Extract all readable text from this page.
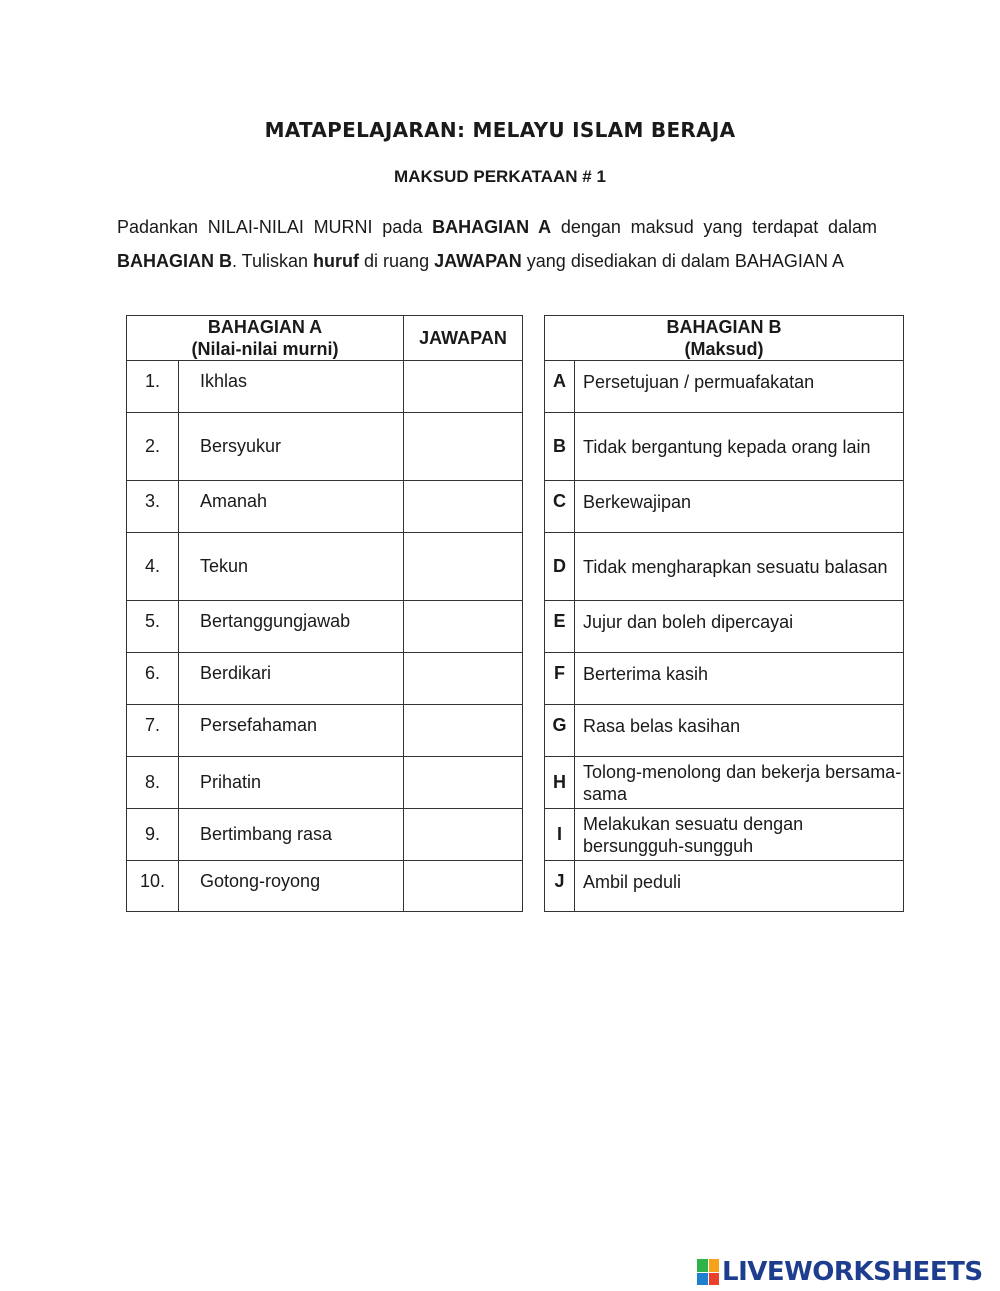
MATAPELAJARAN: MELAYU ISLAM BERAJA
MAKSUD PERKATAAN # 1
Padankan NILAI-NILAI MURNI pada BAHAGIAN A dengan maksud yang terdapat dalam BAHAGIAN B. Tuliskan huruf di ruang JAWAPAN yang disediakan di dalam BAHAGIAN A
BAHAGIAN A
(Nilai-nilai murni)		JAWAPAN
1.	Ikhlas	
2.	Bersyukur	
3.	Amanah	
4.	Tekun	
5.	Bertanggungjawab	
6.	Berdikari	
7.	Persefahaman	
8.	Prihatin	
9.	Bertimbang rasa	
10.	Gotong-royong	
BAHAGIAN B
(Maksud)	

A	Persetujuan / permuafakatan
B	Tidak bergantung kepada orang lain
C	Berkewajipan
D	Tidak mengharapkan sesuatu balasan
E	Jujur dan boleh dipercayai
F	Berterima kasih
G	Rasa belas kasihan
H	Tolong-menolong dan bekerja bersama-sama
I	Melakukan sesuatu dengan bersungguh-sungguh
J	Ambil peduli
LIVEWORKSHEETS
